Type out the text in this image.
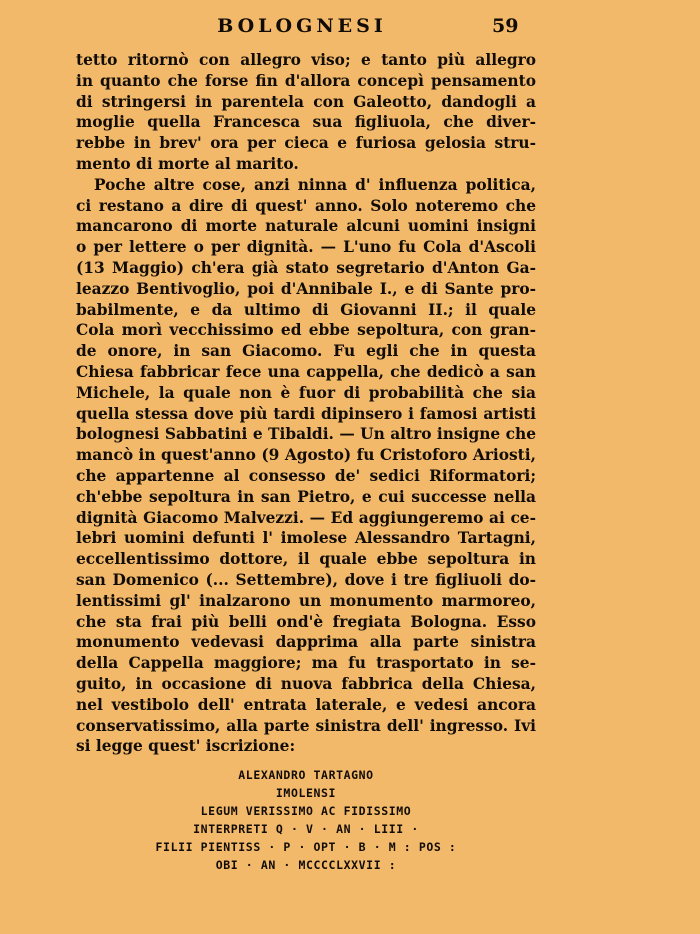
BOLOGNESI	59
tetto ritornò con allegro viso; e tanto più allegro
in quanto che forse fin d'allora concepì pensamento
di stringersi in parentela con Galeotto, dandogli a
moglie quella Francesca sua figliuola, che diver-
rebbe in brev' ora per cieca e furiosa gelosia stru-
mento di morte al marito.
Poche altre cose, anzi ninna d' influenza politica,
ci restano a dire di quest' anno. Solo noteremo che
mancarono di morte naturale alcuni uomini insigni
o per lettere o per dignità. — L'uno fu Cola d'Ascoli
(13 Maggio) ch'era già stato segretario d'Anton Ga-
leazzo Bentivoglio, poi d'Annibale I., e di Sante pro-
babilmente, e da ultimo di Giovanni II.; il quale
Cola morì vecchissimo ed ebbe sepoltura, con gran-
de onore, in san Giacomo. Fu egli che in questa
Chiesa fabbricar fece una cappella, che dedicò a san
Michele, la quale non è fuor di probabilità che sia
quella stessa dove più tardi dipinsero i famosi artisti
bolognesi Sabbatini e Tibaldi. — Un altro insigne che
mancò in quest'anno (9 Agosto) fu Cristoforo Ariosti,
che appartenne al consesso de' sedici Riformatori;
ch'ebbe sepoltura in san Pietro, e cui successe nella
dignità Giacomo Malvezzi. — Ed aggiungeremo ai ce-
lebri uomini defunti l' imolese Alessandro Tartagni,
eccellentissimo dottore, il quale ebbe sepoltura in
san Domenico (... Settembre), dove i tre figliuoli do-
lentissimi gl' inalzarono un monumento marmoreo,
che sta frai più belli ond'è fregiata Bologna. Esso
monumento vedevasi dapprima alla parte sinistra
della Cappella maggiore; ma fu trasportato in se-
guito, in occasione di nuova fabbrica della Chiesa,
nel vestibolo dell' entrata laterale, e vedesi ancora
conservatissimo, alla parte sinistra dell' ingresso. Ivi
si legge quest' iscrizione:
ALEXANDRO TARTAGNO
IMOLENSI
LEGUM VERISSIMO AC FIDISSIMO
INTERPRETI Q · V · AN · LIII ·
FILII PIENTISS · P · OPT · B · M : POS :
OBI · AN · MCCCCLXXVII :
